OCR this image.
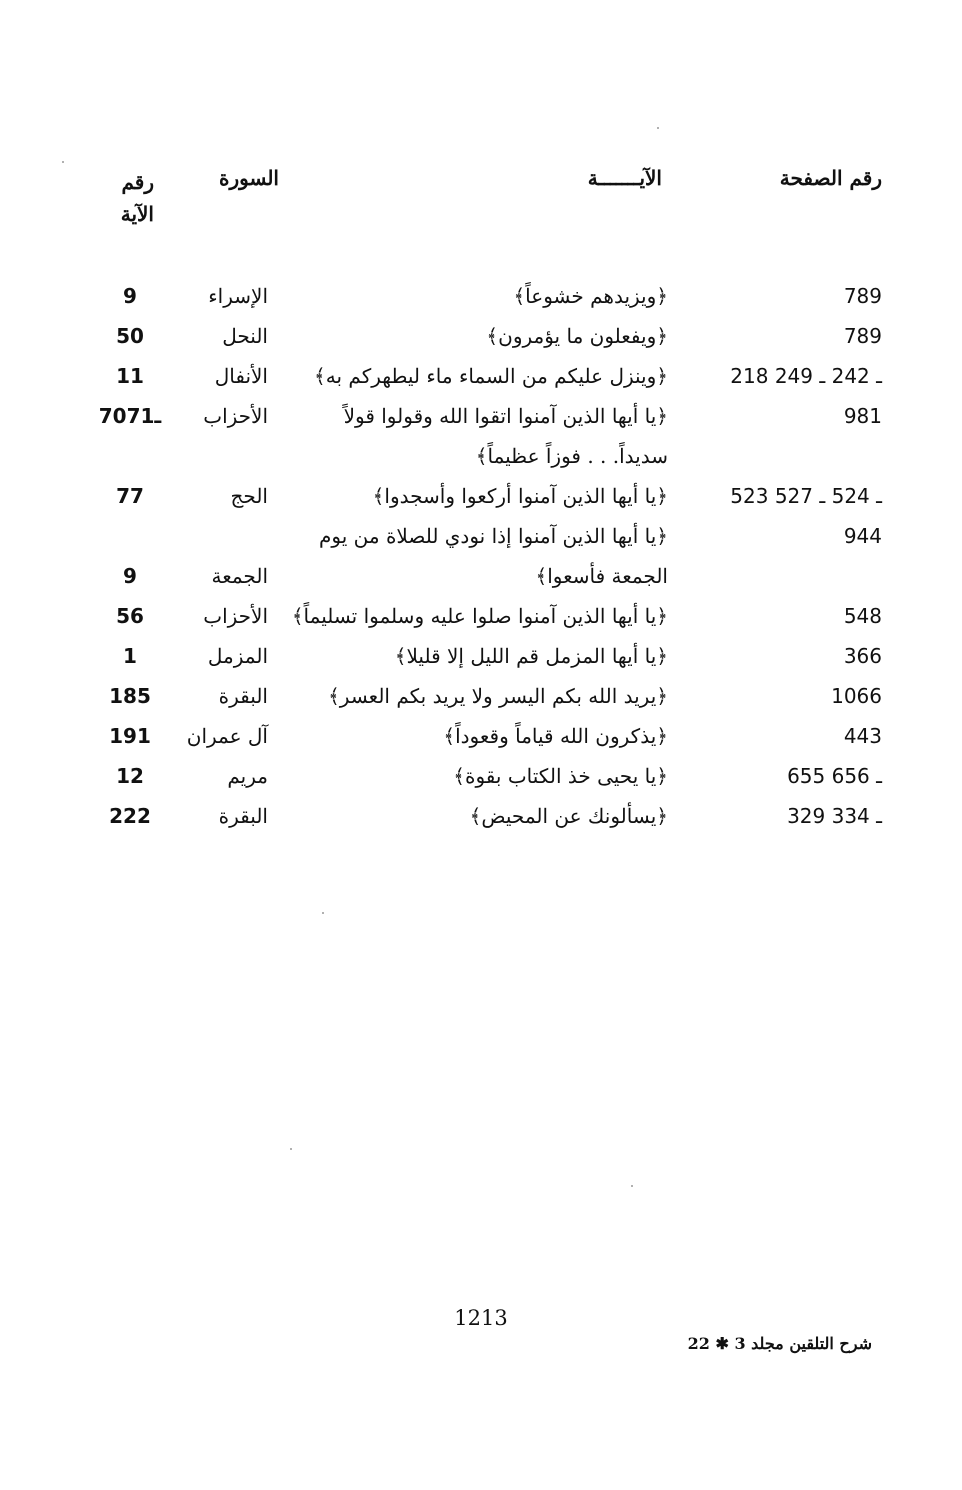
رقم الصفحة
الآيـــــــة
السورة
رقم
الآية
789
﴿ويزيدهم خشوعاً﴾
الإسراء
9
789
﴿ويفعلون ما يؤمرون﴾
النحل
50
218 ـ 242 ـ 249
﴿وينزل عليكم من السماء ماء ليطهركم به﴾
الأنفال
11
981
﴿يا أيها الذين آمنوا اتقوا الله وقولوا قولاً
الأحزاب
70ـ71
سديداً. . . فوزاً عظيماً﴾
523 ـ 524 ـ 527
﴿يا أيها الذين آمنوا أركعوا وأسجدوا﴾
الحج
77
944
﴿يا أيها الذين آمنوا إذا نودي للصلاة من يوم
الجمعة فأسعوا﴾
الجمعة
9
548
﴿يا أيها الذين آمنوا صلوا عليه وسلموا تسليماً﴾
الأحزاب
56
366
﴿يا أيها المزمل قم الليل إلا قليلا﴾
المزمل
1
1066
﴿يريد الله بكم اليسر ولا يريد بكم العسر﴾
البقرة
185
443
﴿يذكرون الله قياماً وقعوداً﴾
آل عمران
191
655 ـ 656
﴿يا يحيى خذ الكتاب بقوة﴾
مريم
12
329 ـ 334
﴿يسألونك عن المحيض﴾
البقرة
222
1213
شرح التلقين مجلد 3 ✱ 22
